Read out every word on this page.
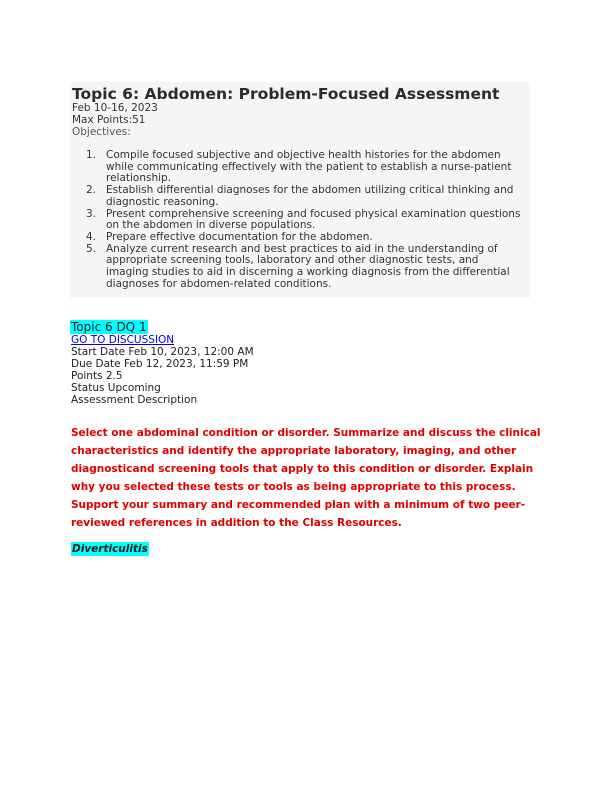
Topic 6: Abdomen: Problem-Focused Assessment
Feb 10-16, 2023
Max Points:51
Objectives:
1. Compile focused subjective and objective health histories for the abdomen while communicating effectively with the patient to establish a nurse-patient relationship.
2. Establish differential diagnoses for the abdomen utilizing critical thinking and diagnostic reasoning.
3. Present comprehensive screening and focused physical examination questions on the abdomen in diverse populations.
4. Prepare effective documentation for the abdomen.
5. Analyze current research and best practices to aid in the understanding of appropriate screening tools, laboratory and other diagnostic tests, and imaging studies to aid in discerning a working diagnosis from the differential diagnoses for abdomen-related conditions.
Topic 6 DQ 1
GO TO DISCUSSION
Start Date Feb 10, 2023, 12:00 AM
Due Date Feb 12, 2023, 11:59 PM
Points 2.5
Status Upcoming
Assessment Description

Select one abdominal condition or disorder. Summarize and discuss the clinical characteristics and identify the appropriate laboratory, imaging, and other diagnosticand screening tools that apply to this condition or disorder. Explain why you selected these tests or tools as being appropriate to this process. Support your summary and recommended plan with a minimum of two peer-reviewed references in addition to the Class Resources.

Diverticulitis
